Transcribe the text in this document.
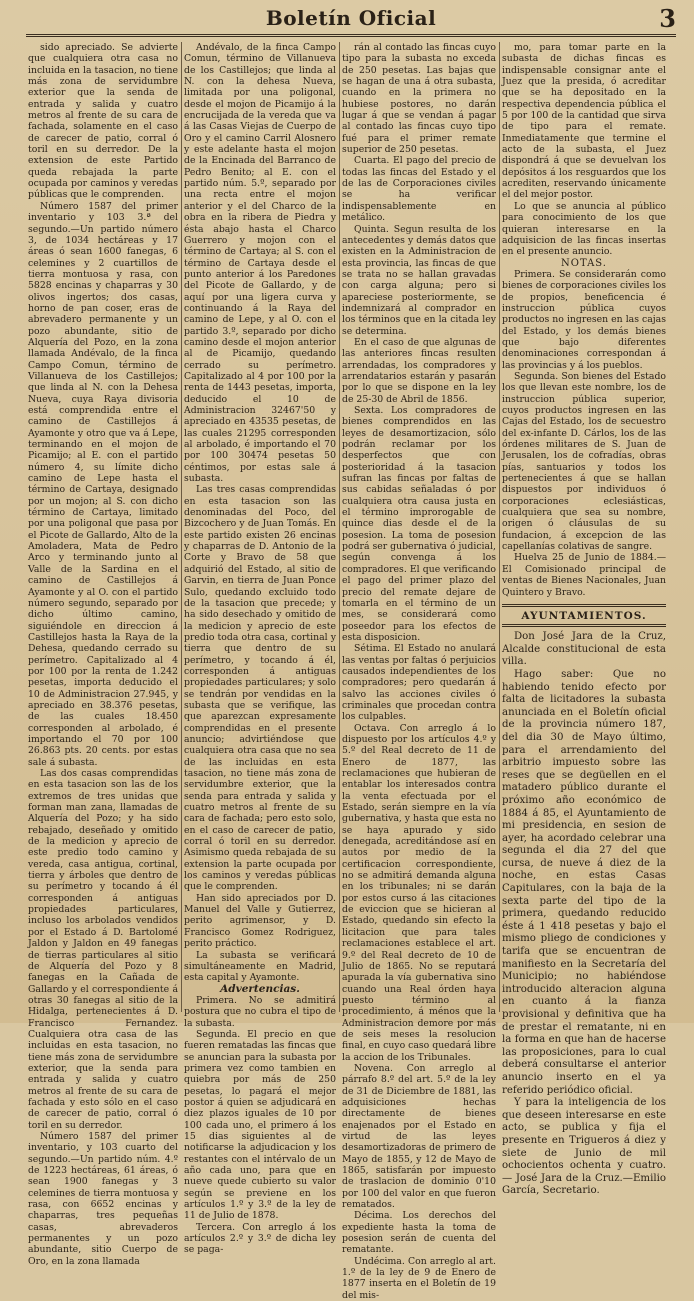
Boletín Oficial	3

sido apreciado. Se advierte que cualquiera otra casa no incluida en la tasacion, no tiene más zona de servidumbre exterior que la senda de entrada y salida y cuatro metros al frente de su cara de fachada, solamente en el caso de carecer de patio, corral ó toril en su derredor. De la extension de este Partido queda rebajada la parte ocupada por caminos y veredas públicas que le comprenden.

Número 1587 del primer inventario y 103 3.ª del segundo.—Un partido número 3, de 1034 hectáreas y 17 áreas ó sean 1600 fanegas, 6 celemines y 2 cuartillos de tierra montuosa y rasa, con 5828 encinas y chaparras y 30 olivos ingertos; dos casas, horno de pan coser, eras de abrevadero permanente y un pozo abundante, sitio de Alquería del Pozo, en la zona llamada Andévalo, de la finca Campo Comun, término de Villanueva de los Castillejos; que linda al N. con la Dehesa Nueva, cuya Raya divisoria está comprendida entre el camino de Castillejos á Ayamonte y otro que va á Lepe, terminando en el mojon de Picamijo; al E. con el partido número 4, su límite dicho camino de Lepe hasta el término de Cartaya, designado por un mojon; al S. con dicho término de Cartaya, limitado por una poligonal que pasa por el Picote de Gallardo, Alto de la Amoladera, Mata de Pedro Arco y terminando junto al Valle de la Sardina en el camino de Castillejos á Ayamonte y al O. con el partido número segundo, separado por dicho último camino, siguiéndole en direccion á Castillejos hasta la Raya de la Dehesa, quedando cerrado su perímetro. Capitalizado al 4 por 100 por la renta de 1.242 pesetas, importa deducido el 10 de Administracion 27.945, y apreciado en 38.376 pesetas, de las cuales 18.450 corresponden al arbolado, é importando el 70 por 100 26.863 pts. 20 cents. por estas sale á subasta.

Las dos casas comprendidas en esta tasacion son las de los extremos de tres unidas que forman man zana, llamadas de Alquería del Pozo; y ha sido rebajado, deseñado y omitido de la medicion y aprecio de este predio todo camino y vereda, casa antigua, cortinal, tierra y árboles que dentro de su perímetro y tocando á él corresponden á antiguas propiedades particulares, incluso los arbolados vendidos por el Estado á D. Bartolomé Jaldon y Jaldon en 49 fanegas de tierras particulares al sitio de Alquería del Pozo y 8 fanegas en la Cañada de Gallardo y el correspondiente á otras 30 fanegas al sitio de la Hidalga, pertenecientes á D. Francisco Fernandez. Cualquiera otra casa de las incluidas en esta tasacion, no tiene más zona de servidumbre exterior, que la senda para entrada y salida y cuatro metros al frente de su cara de fachada y esto sólo en el caso de carecer de patio, corral ó toril en su derredor.

Número 1587 del primer inventario, y 103 cuarto del segundo.—Un partido núm. 4.º de 1223 hectáreas, 61 áreas, ó sean 1900 fanegas y 3 celemines de tierra montuosa y rasa, con 6652 encinas y chaparras, tres pequeñas casas, abrevaderos permanentes y un pozo abundante, sitio Cuerpo de Oro, en la zona llamada

Andévalo, de la finca Campo Comun, término de Villanueva de los Castillejos; que linda al N. con la dehesa Nueva, limitada por una poligonal, desde el mojon de Picamijo á la encrucijada de la vereda que va á las Casas Viejas de Cuerpo de Oro y el camino Carril Alosnero y este adelante hasta el mojon de la Encinada del Barranco de Pedro Benito; al E. con el partido núm. 5.º, separado por una recta entre el mojon anterior y el del Charco de la obra en la ribera de Piedra y ésta abajo hasta el Charco Guerrero y mojon con el término de Cartaya; al S. con el término de Cartaya desde el punto anterior á los Paredones del Picote de Gallardo, y de aquí por una ligera curva y continuando á la Raya del camino de Lepe, y al O. con el partido 3.º, separado por dicho camino desde el mojon anterior al de Picamijo, quedando cerrado su perímetro. Capitalizado al 4 por 100 por la renta de 1443 pesetas, importa, deducido el 10 de Administracion 32467'50 y apreciado en 43535 pesetas, de las cuales 21295 corresponden al arbolado, é importando el 70 por 100 30474 pesetas 50 céntimos, por estas sale á subasta.

Las tres casas comprendidas en esta tasacion son las denominadas del Poco, del Bizcochero y de Juan Tomás. En este partido existen 26 encinas y chaparras de D. Antonio de la Corte y Bravo de 58 que adquirió del Estado, al sitio de Garvin, en tierra de Juan Ponce Sulo, quedando excluido todo de la tasacion que precede; y ha sido desechado y omitido de la medicion y aprecio de este predio toda otra casa, cortinal y tierra que dentro de su perímetro, y tocando á él, corresponden á antiguas propiedades particulares; y solo se tendrán por vendidas en la subasta que se verifique, las que aparezcan expresamente comprendidas en el presente anuncio; advirtiéndose que cualquiera otra casa que no sea de las incluidas en esta tasacion, no tiene más zona de servidumbre exterior, que la senda para entrada y salida y cuatro metros al frente de su cara de fachada; pero esto solo, en el caso de carecer de patio, corral ó toril en su derredor. Asimismo queda rebajada de su extension la parte ocupada por los caminos y veredas públicas que le comprenden.

Han sido apreciados por D. Manuel del Valle y Gutierrez, perito agrimensor, y D. Francisco Gomez Rodriguez, perito práctico.

La subasta se verificará simultáneamente en Madrid, esta capital y Ayamonte.

Advertencias.

Primera. No se admitirá postura que no cubra el tipo de la subasta.

Segunda. El precio en que fueren rematadas las fincas que se anuncian para la subasta por primera vez como tambien en quiebra por más de 250 pesetas, lo pagará el mejor postor á quien se adjudicará en diez plazos iguales de 10 por 100 cada uno, el primero á los 15 dias siguientes al de notificarse la adjudicacion y los restantes con el intérvalo de un año cada uno, para que en nueve quede cubierto su valor según se previene en los artículos 1.º y 3.º de la ley de 11 de Julio de 1878.

Tercera. Con arreglo á los artículos 2.º y 3.º de dicha ley se paga-

rán al contado las fincas cuyo tipo para la subasta no exceda de 250 pesetas. Las bajas que se hagan de una á otra subasta, cuando en la primera no hubiese postores, no darán lugar á que se vendan á pagar al contado las fincas cuyo tipo fué para el primer remate superior de 250 pesetas.

Cuarta. El pago del precio de todas las fincas del Estado y el de las de Corporaciones civiles se ha verificar indispensablemente en metálico.

Quinta. Segun resulta de los antecedentes y demás datos que existen en la Administracion de esta provincia, las fincas de que se trata no se hallan gravadas con carga alguna; pero si apareciese posteriormente, se indemnizará al comprador en los términos que en la citada ley se determina.

En el caso de que algunas de las anteriores fincas resulten arrendadas, los compradores y arrendatarios estarán y pasarán por lo que se dispone en la ley de 25-30 de Abril de 1856.

Sexta. Los compradores de bienes comprendidos en las leyes de desamortizacion, sólo podrán reclamar por los desperfectos que con posterioridad á la tasacion sufran las fincas por faltas de sus cabidas señaladas ó por cualquiera otra causa justa en el término improrogable de quince dias desde el de la posesion. La toma de posesion podrá ser gubernativa ó judicial, según convenga á los compradores. El que verificando el pago del primer plazo del precio del remate dejare de tomarla en el término de un mes, se considerará como poseedor para los efectos de esta disposicion.

Sétima. El Estado no anulará las ventas por faltas ó perjuicios causados independientes de los compradores; pero quedarán á salvo las acciones civiles ó criminales que procedan contra los culpables.

Octava. Con arreglo á lo dispuesto por los artículos 4.º y 5.º del Real decreto de 11 de Enero de 1877, las reclamaciones que hubieran de entablar los interesados contra la venta efectuada por el Estado, serán siempre en la vía gubernativa, y hasta que esta no se haya apurado y sido denegada, acreditándose así en autos por medio de la certificacion correspondiente, no se admitirá demanda alguna en los tribunales; ni se darán por estos curso á las citaciones de eviccion que se hicieran al Estado, quedando sin efecto la licitacion que para tales reclamaciones establece el art. 9.º del Real decreto de 10 de Julio de 1865. No se reputará apurada la vía gubernativa sino cuando una Real órden haya puesto término al procedimiento, á ménos que la Administracion demore por más de seis meses la resolucion final, en cuyo caso quedará libre la accion de los Tribunales.

Novena. Con arreglo al párrafo 8.º del art. 5.º de la ley de 31 de Diciembre de 1881, las adquisiciones hechas directamente de bienes enajenados por el Estado en virtud de las leyes desamortizadoras de primero de Mayo de 1855, y 12 de Mayo de 1865, satisfarán por impuesto de traslacion de dominio 0'10 por 100 del valor en que fueron rematados.

Décima. Los derechos del expediente hasta la toma de posesion serán de cuenta del rematante.

Undécima. Con arreglo al art. 1.º de la ley de 9 de Enero de 1877 inserta en el Boletín de 19 del mis-

mo, para tomar parte en la subasta de dichas fincas es indispensable consignar ante el Juez que la presida, ó acreditar que se ha depositado en la respectiva dependencia pública el 5 por 100 de la cantidad que sirva de tipo para el remate. Inmediatamente que termine el acto de la subasta, el Juez dispondrá á que se devuelvan los depósitos á los resguardos que los acrediten, reservando únicamente el del mejor postor.

Lo que se anuncia al público para conocimiento de los que quieran interesarse en la adquisicion de las fincas insertas en el presente anuncio.

NOTAS.

Primera. Se considerarán como bienes de corporaciones civiles los de propios, beneficencia é instruccion pública cuyos productos no ingresen en las cajas del Estado, y los demás bienes que bajo diferentes denominaciones correspondan á las provincias y á los pueblos.

Segunda. Son bienes del Estado los que llevan este nombre, los de instruccion pública superior, cuyos productos ingresen en las Cajas del Estado, los de secuestro del ex-infante D. Cárlos, los de las órdenes militares de S. Juan de Jerusalen, los de cofradías, obras pías, santuarios y todos los pertenecientes á que se hallan dispuestos por individuos ó corporaciones eclesiásticas, cualquiera que sea su nombre, origen ó cláusulas de su fundacion, á excepcion de las capellanías colativas de sangre.

Huelva 25 de Junio de 1884.—El Comisionado principal de ventas de Bienes Nacionales, Juan Quintero y Bravo.

AYUNTAMIENTOS.

Don José Jara de la Cruz, Alcalde constitucional de esta villa.

Hago saber: Que no habiendo tenido efecto por falta de licitadores la subasta anunciada en el Boletín oficial de la provincia número 187, del dia 30 de Mayo último, para el arrendamiento del arbitrio impuesto sobre las reses que se degüellen en el matadero público durante el próximo año económico de 1884 á 85, el Ayuntamiento de mi presidencia, en sesion de ayer, ha acordado celebrar una segunda el dia 27 del que cursa, de nueve á diez de la noche, en estas Casas Capitulares, con la baja de la sexta parte del tipo de la primera, quedando reducido éste á 1 418 pesetas y bajo el mismo pliego de condiciones y tarifa que se encuentran de manifiesto en la Secretaría del Municipio; no habiéndose introducido alteracion alguna en cuanto á la fianza provisional y definitiva que ha de prestar el rematante, ni en la forma en que han de hacerse las proposiciones, para lo cual deberá consultarse el anterior anuncio inserto en el ya referido periódico oficial.

Y para la inteligencia de los que deseen interesarse en este acto, se publica y fija el presente en Trigueros á diez y siete de Junio de mil ochocientos ochenta y cuatro.— José Jara de la Cruz.—Emilio García, Secretario.
